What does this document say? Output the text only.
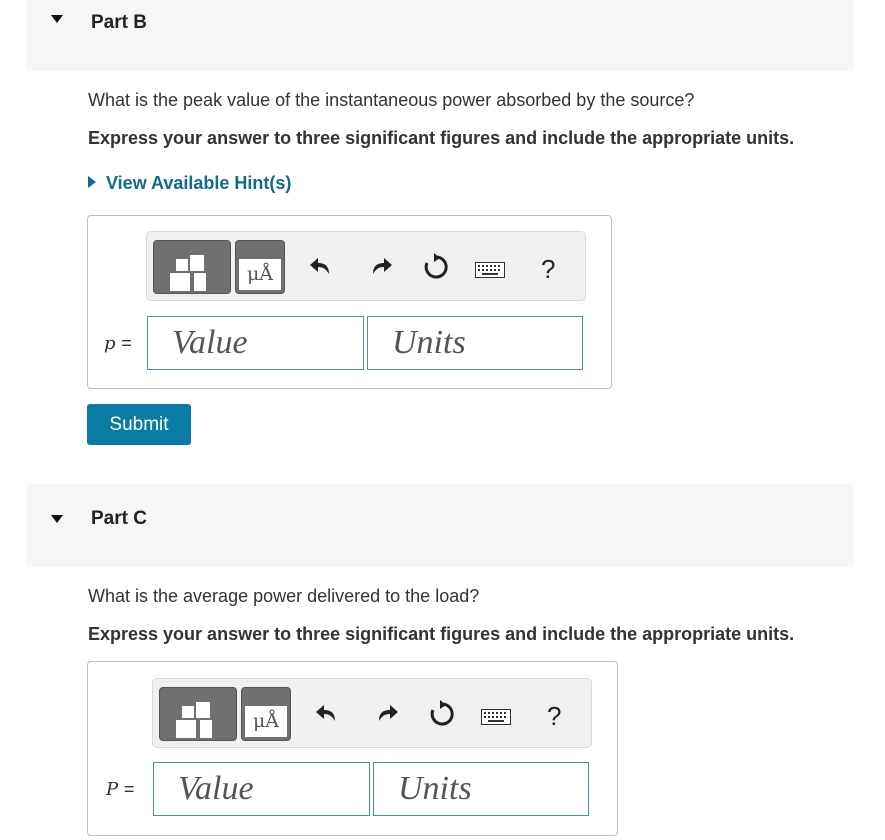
Part B
What is the peak value of the instantaneous power absorbed by the source?
Express your answer to three significant figures and include the appropriate units.
View Available Hint(s)
μÅ	?
p =
Value
Units
Submit
Part C
What is the average power delivered to the load?
Express your answer to three significant figures and include the appropriate units.
μÅ	?
P =
Value
Units
